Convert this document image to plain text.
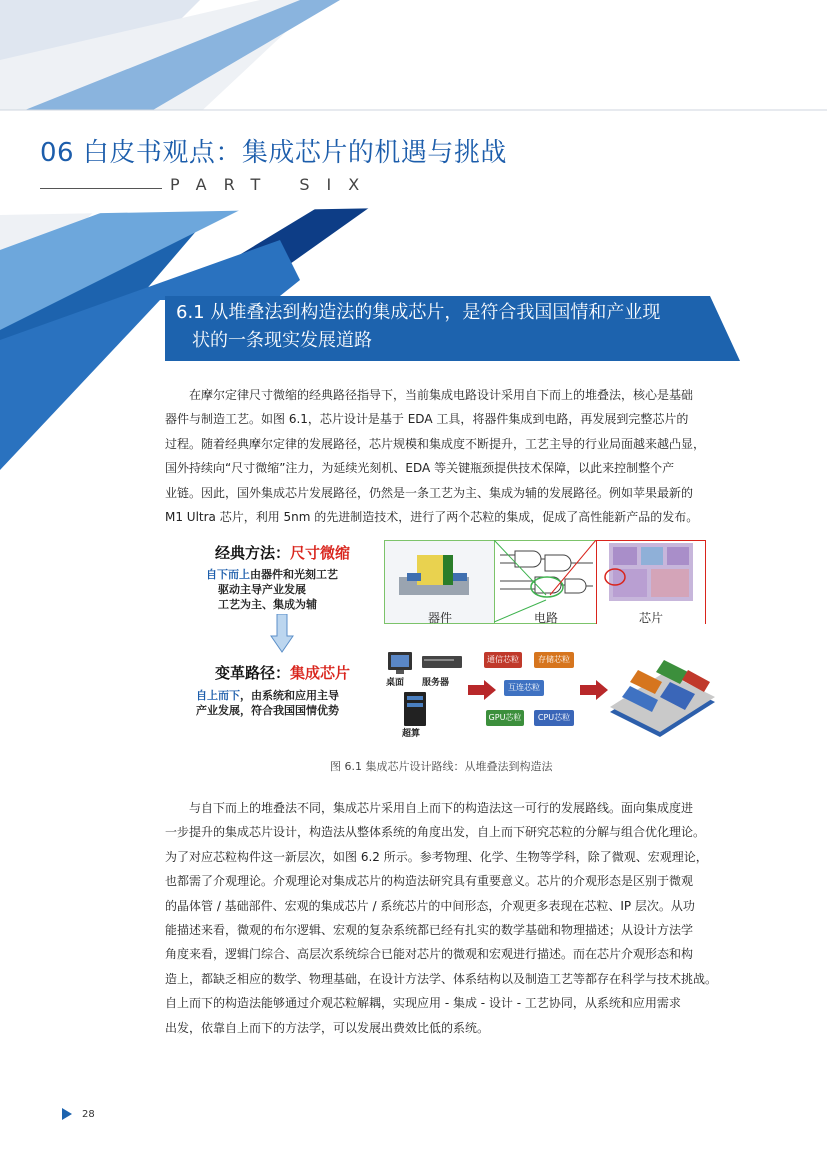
06 白皮书观点：集成芯片的机遇与挑战
PART SIX
6.1 从堆叠法到构造法的集成芯片，是符合我国国情和产业现
状的一条现实发展道路
在摩尔定律尺寸微缩的经典路径指导下，当前集成电路设计采用自下而上的堆叠法，核心是基础
器件与制造工艺。如图 6.1，芯片设计是基于 EDA 工具，将器件集成到电路，再发展到完整芯片的
过程。随着经典摩尔定律的发展路径，芯片规模和集成度不断提升，工艺主导的行业局面越来越凸显，
国外持续向“尺寸微缩”注力，为延续光刻机、EDA 等关键瓶颈提供技术保障，以此来控制整个产
业链。因此，国外集成芯片发展路径，仍然是一条工艺为主、集成为辅的发展路径。例如苹果最新的
M1 Ultra 芯片，利用 5nm 的先进制造技术，进行了两个芯粒的集成，促成了高性能新产品的发布。
经典方法：尺寸微缩
自下而上由器件和光刻工艺
驱动主导产业发展
工艺为主、集成为辅
器件	电路	芯片
变革路径：集成芯片
自上而下，由系统和应用主导
产业发展，符合我国国情优势
桌面 服务器
超算
通信芯粒	存储芯粒
互连芯粒
GPU芯粒	CPU芯粒
图 6.1 集成芯片设计路线：从堆叠法到构造法
与自下而上的堆叠法不同，集成芯片采用自上而下的构造法这一可行的发展路线。面向集成度进
一步提升的集成芯片设计，构造法从整体系统的角度出发，自上而下研究芯粒的分解与组合优化理论。
为了对应芯粒构件这一新层次，如图 6.2 所示。参考物理、化学、生物等学科，除了微观、宏观理论，
也都需了介观理论。介观理论对集成芯片的构造法研究具有重要意义。芯片的介观形态是区别于微观
的晶体管 / 基础部件、宏观的集成芯片 / 系统芯片的中间形态，介观更多表现在芯粒、IP 层次。从功
能描述来看，微观的布尔逻辑、宏观的复杂系统都已经有扎实的数学基础和物理描述；从设计方法学
角度来看，逻辑门综合、高层次系统综合已能对芯片的微观和宏观进行描述。而在芯片介观形态和构
造上，都缺乏相应的数学、物理基础，在设计方法学、体系结构以及制造工艺等都存在科学与技术挑战。
自上而下的构造法能够通过介观芯粒解耦，实现应用 - 集成 - 设计 - 工艺协同，从系统和应用需求
出发，依靠自上而下的方法学，可以发展出费效比低的系统。
28
